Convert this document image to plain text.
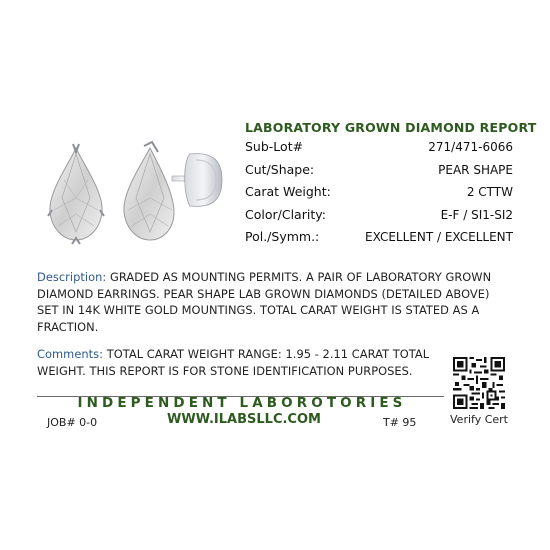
LABORATORY GROWN DIAMOND REPORT
Sub-Lot#	271/471-6066
Cut/Shape:	PEAR SHAPE
Carat Weight:	2 CTTW
Color/Clarity:	E-F / SI1-SI2
Pol./Symm.:	EXCELLENT / EXCELLENT
Description: GRADED AS MOUNTING PERMITS. A PAIR OF LABORATORY GROWN DIAMOND EARRINGS. PEAR SHAPE LAB GROWN DIAMONDS (DETAILED ABOVE) SET IN 14K WHITE GOLD MOUNTINGS. TOTAL CARAT WEIGHT IS STATED AS A FRACTION.
Comments: TOTAL CARAT WEIGHT RANGE: 1.95 - 2.11 CARAT TOTAL WEIGHT. THIS REPORT IS FOR STONE IDENTIFICATION PURPOSES.
INDEPENDENT LABOROTORIES
JOB# 0-0	WWW.ILABSLLC.COM	T# 95	Verify Cert
